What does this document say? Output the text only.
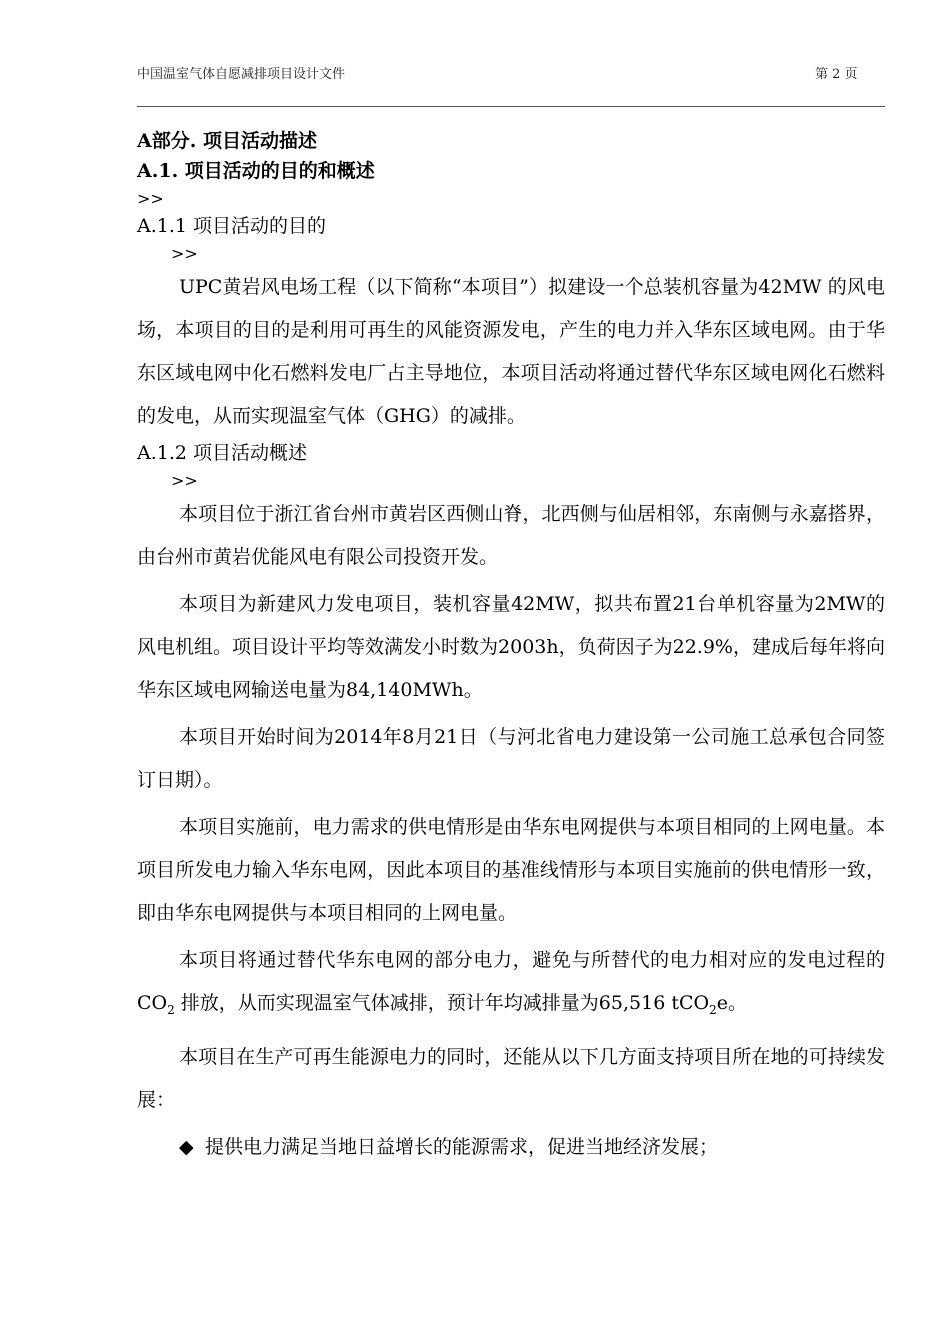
中国温室气体自愿减排项目设计文件	第 2 页
A部分. 项目活动描述
A.1. 项目活动的目的和概述
>>
A.1.1 项目活动的目的
>>

UPC黄岩风电场工程（以下简称“本项目”）拟建设一个总装机容量为42MW 的风电场，本项目的目的是利用可再生的风能资源发电，产生的电力并入华东区域电网。由于华东区域电网中化石燃料发电厂占主导地位，本项目活动将通过替代华东区域电网化石燃料的发电，从而实现温室气体（GHG）的减排。

A.1.2 项目活动概述
>>

本项目位于浙江省台州市黄岩区西侧山脊，北西侧与仙居相邻，东南侧与永嘉搭界，由台州市黄岩优能风电有限公司投资开发。

本项目为新建风力发电项目，装机容量42MW，拟共布置21台单机容量为2MW的风电机组。项目设计平均等效满发小时数为2003h，负荷因子为22.9%，建成后每年将向华东区域电网输送电量为84,140MWh。

本项目开始时间为2014年8月21日（与河北省电力建设第一公司施工总承包合同签订日期）。

本项目实施前，电力需求的供电情形是由华东电网提供与本项目相同的上网电量。本项目所发电力输入华东电网，因此本项目的基准线情形与本项目实施前的供电情形一致，即由华东电网提供与本项目相同的上网电量。

本项目将通过替代华东电网的部分电力，避免与所替代的电力相对应的发电过程的$CO_2$ 排放，从而实现温室气体减排，预计年均减排量为65,516 tCO$_2$e。

本项目在生产可再生能源电力的同时，还能从以下几方面支持项目所在地的可持续发展：

◆ 提供电力满足当地日益增长的能源需求，促进当地经济发展；
